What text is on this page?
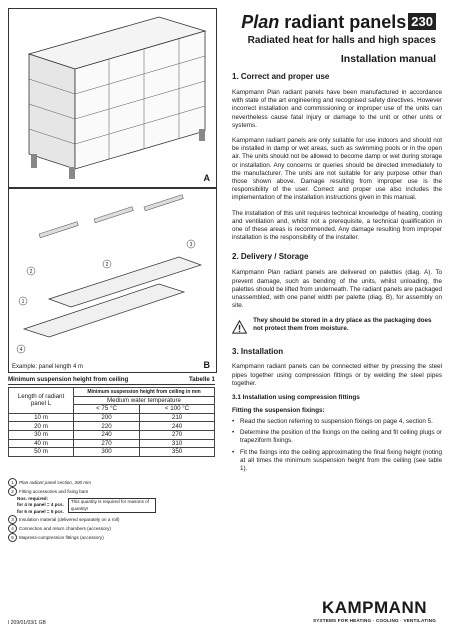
Plan radiant panels 230
Radiated heat for halls and high spaces
Installation manual
A
2
2
3
1
4
Example: panel length 4 m	B
Minimum suspension height from ceiling	Tabelle 1
Length of radiant panel L	Minimum suspension height from ceiling in mm	
	Medium water temperature	
	< 75 °C	< 100 °C
10 m	200	210
20 m	220	240
30 m	240	270
40 m	270	310
50 m	300	350
1 Plan radiant panel section, 300 mm
2 Fitting accessories and fixing bars
Nos. required:
for 4 m panel = 4 pcs.
for 6 m panel = 5 pcs.
This quantity is required for reasons of quantity!
3 Insulation material (delivered separately on a roll)
4 Connection and return chambers (accessory)
5 Mapress-compression fittings (accessory)
1. Correct and proper use
Kampmann Plan radiant panels have been manufactured in accordance with state of the art engineering and recognised safety directives. However incorrect installation and commissioning or improper use of the units can nevertheless cause fatal injury or damage to the unit or other units or systems.
Kampmann radiant panels are only suitable for use indoors and should not be installed in damp or wet areas, such as swimming pools or in the open air. The units should not be allowed to become damp or wet during storage or installation. Any concerns or queries should be directed immediately to the manufacturer. The units are not suitable for any purpose other than those shown above. Damage resulting from improper use is the responsibility of the user. Correct and proper use also includes the implementation of the installation instructions given in this manual.
The installation of this unit requires technical knowledge of heating, cooling and ventilation and, whilst not a prerequisite, a technical qualification in one of these areas is recommended. Any damage resulting from improper installation is the responsibility of the installer.
2. Delivery / Storage
Kampmann Plan radiant panels are delivered on palettes (diag. A). To prevent damage, such as bending of the units, whilst unloading, the palettes should be lifted from underneath. The radiant panels are packaged unassembled, with one panel width per palette (diag. B), for assembly on site.
They should be stored in a dry place as the packaging does not protect them from moisture.
3. Installation
Kampmann radiant panels can be connected either by pressing the steel pipes together using compression fittings or by welding the steel pipes together.
3.1 Installation using compression fittings
Fitting the suspension fixings:
• Read the section referring to suspension fixings on page 4, section 5.
• Determine the position of the fixings on the ceiling and fit ceiling plugs or trapeziform fixings.
• Fit the fixings into the ceiling approximating the final fixing height (noting at all times the minimum suspension height from the ceiling (see table 1).
I 209/01/03/1 GB
KAMPMANN
SYSTEMS FOR HEATING · COOLING · VENTILATING
